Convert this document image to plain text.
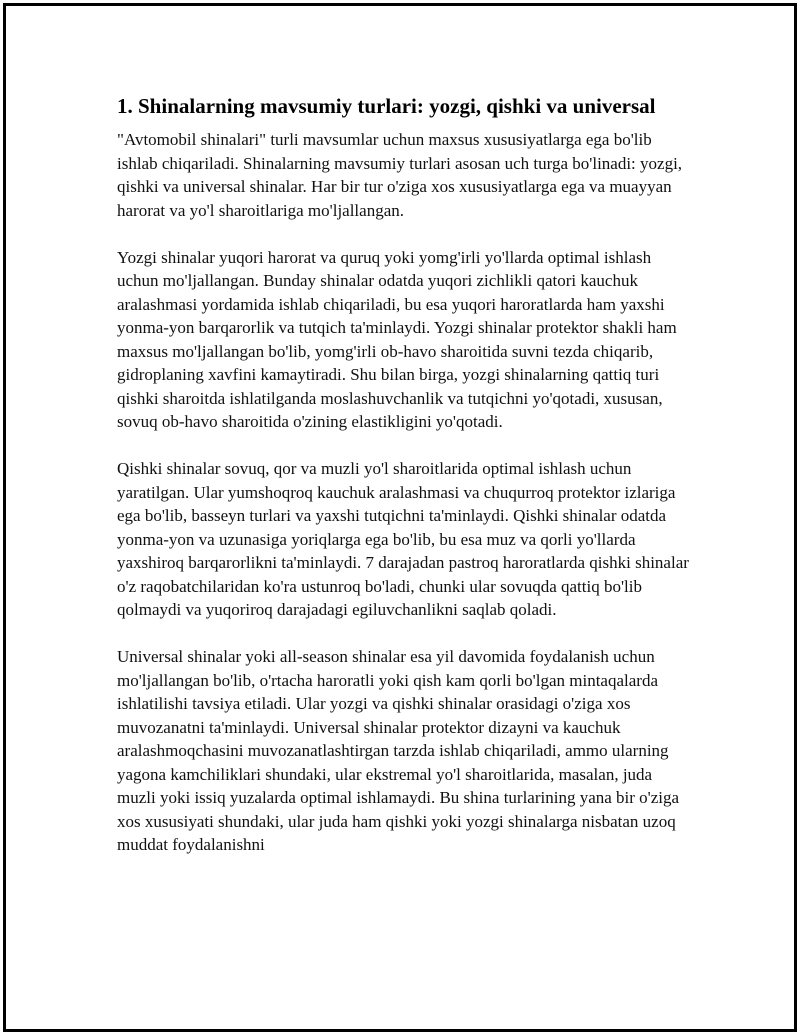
1. Shinalarning mavsumiy turlari: yozgi, qishki va universal

"Avtomobil shinalari" turli mavsumlar uchun maxsus xususiyatlarga ega bo'lib ishlab chiqariladi. Shinalarning mavsumiy turlari asosan uch turga bo'linadi: yozgi, qishki va universal shinalar. Har bir tur o'ziga xos xususiyatlarga ega va muayyan harorat va yo'l sharoitlariga mo'ljallangan.

Yozgi shinalar yuqori harorat va quruq yoki yomg'irli yo'llarda optimal ishlash uchun mo'ljallangan. Bunday shinalar odatda yuqori zichlikli qatori kauchuk aralashmasi yordamida ishlab chiqariladi, bu esa yuqori haroratlarda ham yaxshi yonma-yon barqarorlik va tutqich ta'minlaydi. Yozgi shinalar protektor shakli ham maxsus mo'ljallangan bo'lib, yomg'irli ob-havo sharoitida suvni tezda chiqarib, gidroplaning xavfini kamaytiradi. Shu bilan birga, yozgi shinalarning qattiq turi qishki sharoitda ishlatilganda moslashuvchanlik va tutqichni yo'qotadi, xususan, sovuq ob-havo sharoitida o'zining elastikligini yo'qotadi.

Qishki shinalar sovuq, qor va muzli yo'l sharoitlarida optimal ishlash uchun yaratilgan. Ular yumshoqroq kauchuk aralashmasi va chuqurroq protektor izlariga ega bo'lib, basseyn turlari va yaxshi tutqichni ta'minlaydi. Qishki shinalar odatda yonma-yon va uzunasiga yoriqlarga ega bo'lib, bu esa muz va qorli yo'llarda yaxshiroq barqarorlikni ta'minlaydi. 7 darajadan pastroq haroratlarda qishki shinalar o'z raqobatchilaridan ko'ra ustunroq bo'ladi, chunki ular sovuqda qattiq bo'lib qolmaydi va yuqoriroq darajadagi egiluvchanlikni saqlab qoladi.

Universal shinalar yoki all-season shinalar esa yil davomida foydalanish uchun mo'ljallangan bo'lib, o'rtacha haroratli yoki qish kam qorli bo'lgan mintaqalarda ishlatilishi tavsiya etiladi. Ular yozgi va qishki shinalar orasidagi o'ziga xos muvozanatni ta'minlaydi. Universal shinalar protektor dizayni va kauchuk aralashmoqchasini muvozanatlashtirgan tarzda ishlab chiqariladi, ammo ularning yagona kamchiliklari shundaki, ular ekstremal yo'l sharoitlarida, masalan, juda muzli yoki issiq yuzalarda optimal ishlamaydi. Bu shina turlarining yana bir o'ziga xos xususiyati shundaki, ular juda ham qishki yoki yozgi shinalarga nisbatan uzoq muddat foydalanishni
